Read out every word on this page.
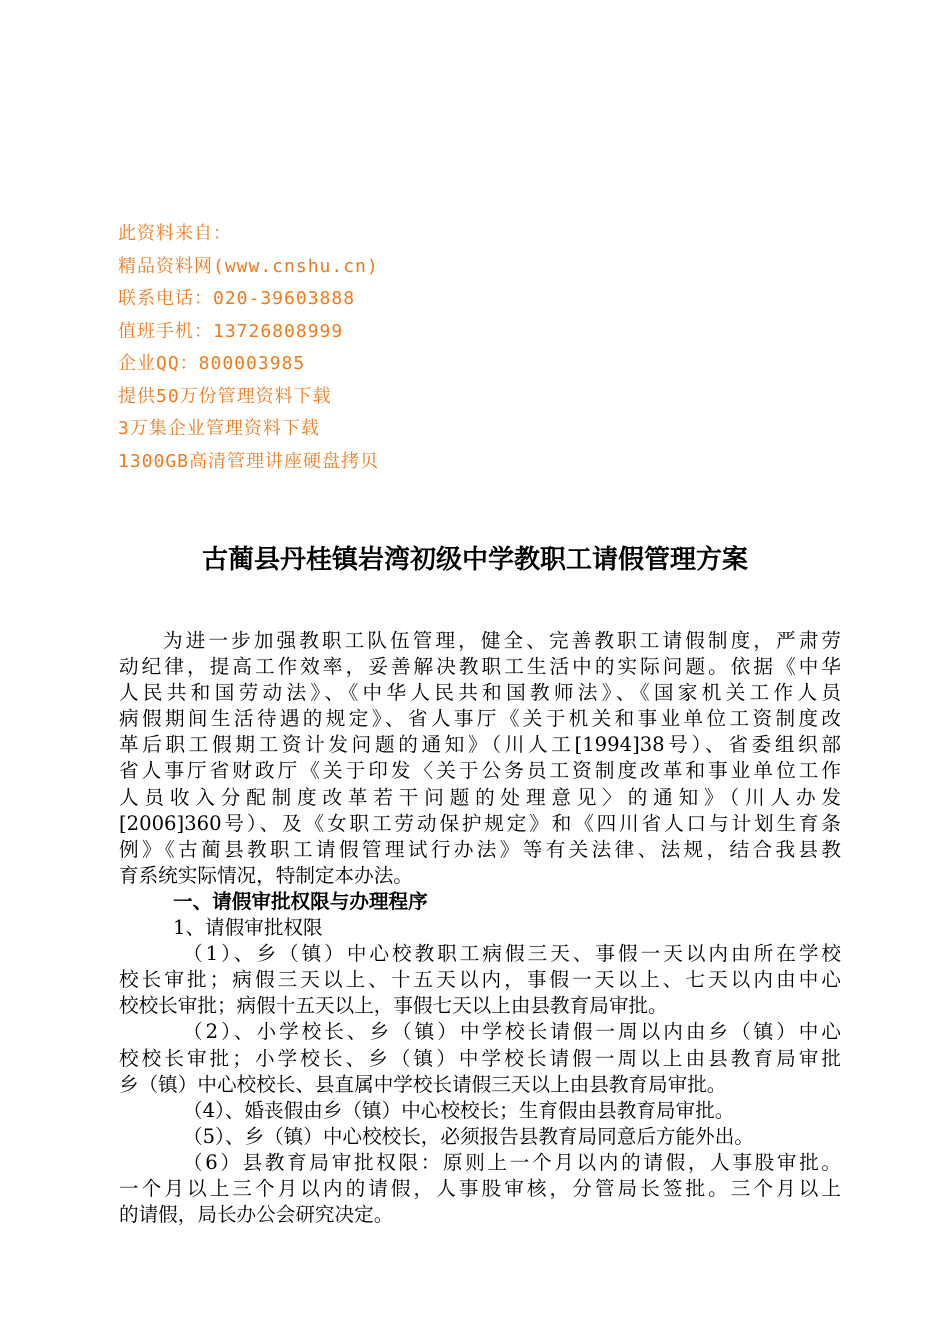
此资料来自：
精品资料网(www.cnshu.cn)
联系电话：020-39603888
值班手机：13726808999
企业QQ：800003985
提供50万份管理资料下载
3万集企业管理资料下载
1300GB高清管理讲座硬盘拷贝
古蔺县丹桂镇岩湾初级中学教职工请假管理方案
为进一步加强教职工队伍管理，健全、完善教职工请假制度，严肃劳
动纪律，提高工作效率，妥善解决教职工生活中的实际问题。依据《中华
人民共和国劳动法》、《中华人民共和国教师法》、《国家机关工作人员
病假期间生活待遇的规定》、省人事厅《关于机关和事业单位工资制度改
革后职工假期工资计发问题的通知》（川人工[1994]38号）、省委组织部
省人事厅省财政厅《关于印发〈关于公务员工资制度改革和事业单位工作
人员收入分配制度改革若干问题的处理意见〉的通知》（川人办发
[2006]360号）、及《女职工劳动保护规定》和《四川省人口与计划生育条
例》《古蔺县教职工请假管理试行办法》等有关法律、法规，结合我县教
育系统实际情况，特制定本办法。
一、请假审批权限与办理程序
1、请假审批权限
（1）、乡（镇）中心校教职工病假三天、事假一天以内由所在学校
校长审批；病假三天以上、十五天以内，事假一天以上、七天以内由中心
校校长审批；病假十五天以上，事假七天以上由县教育局审批。
（2）、小学校长、乡（镇）中学校长请假一周以内由乡（镇）中心
校校长审批；小学校长、乡（镇）中学校长请假一周以上由县教育局审批
乡（镇）中心校校长、县直属中学校长请假三天以上由县教育局审批。
（4）、婚丧假由乡（镇）中心校校长；生育假由县教育局审批。
（5）、乡（镇）中心校校长，必须报告县教育局同意后方能外出。
（6）县教育局审批权限：原则上一个月以内的请假，人事股审批。
一个月以上三个月以内的请假，人事股审核，分管局长签批。三个月以上
的请假，局长办公会研究决定。
